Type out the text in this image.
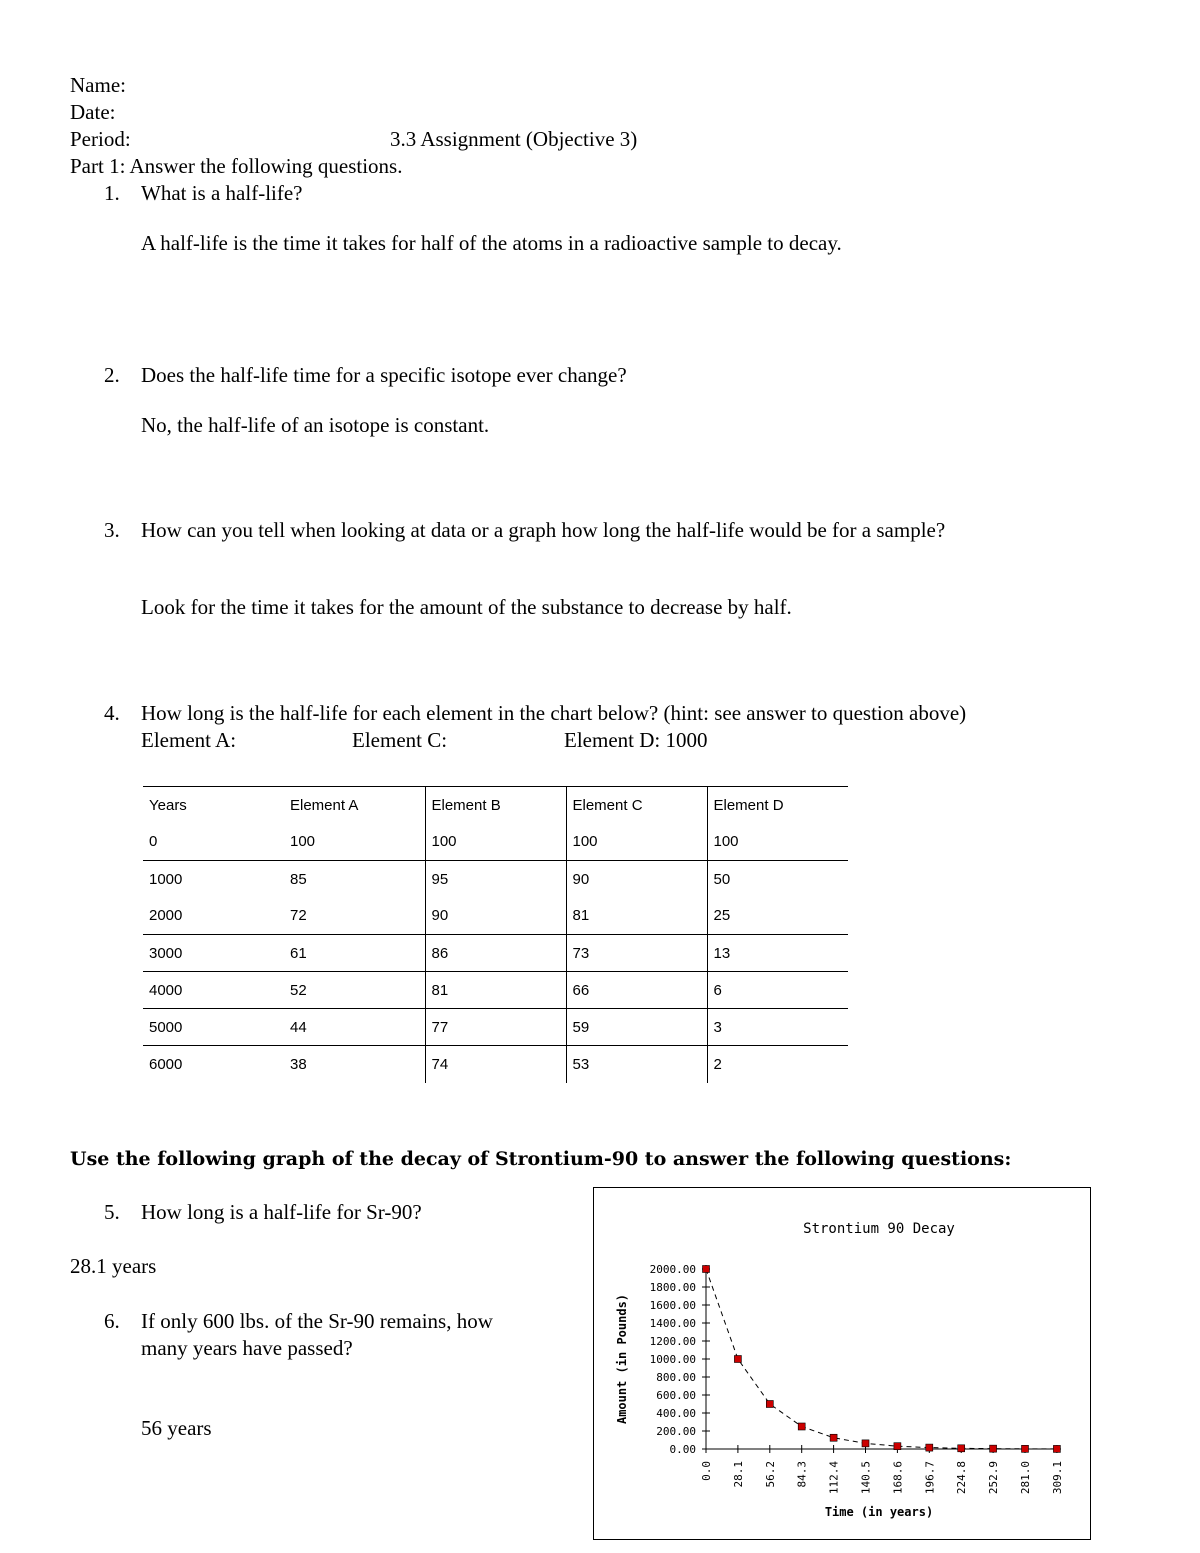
Name:
Date:
Period:	3.3 Assignment (Objective 3)
Part 1: Answer the following questions.
1. What is a half-life?
A half-life is the time it takes for half of the atoms in a radioactive sample to decay.
2. Does the half-life time for a specific isotope ever change?
No, the half-life of an isotope is constant.
3. How can you tell when looking at data or a graph how long the half-life would be for a sample?
Look for the time it takes for the amount of the substance to decrease by half.
4. How long is the half-life for each element in the chart below? (hint: see answer to question above)
Element A:	Element C:	Element D: 1000
Years	Element A	Element B	Element C	Element D
0	100	100	100	100
1000	85	95	90	50
2000	72	90	81	25
3000	61	86	73	13
4000	52	81	66	6
5000	44	77	59	3
6000	38	74	53	2
Use the following graph of the decay of Strontium-90 to answer the following questions:
5. How long is a half-life for Sr-90?
28.1 years
6. If only 600 lbs. of the Sr-90 remains, how
many years have passed?
56 years
Strontium 90 Decay
2000.00
1800.00
1600.00
1400.00
1200.00
1000.00
800.00
600.00
400.00
200.00
0.00
0.0 28.1 56.2 84.3 112.4 140.5 168.6 196.7 224.8 252.9 281.0 309.1
Time (in years)
Amount (in Pounds)
